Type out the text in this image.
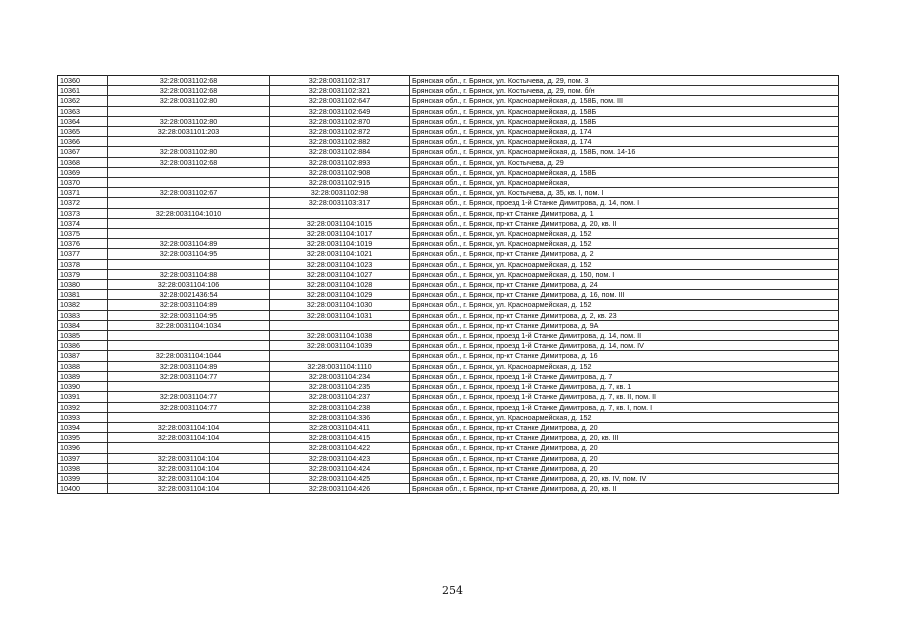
10360	32:28:0031102:68	32:28:0031102:317	Брянская обл., г. Брянск, ул. Костычева, д. 29, пом. 3
10361	32:28:0031102:68	32:28:0031102:321	Брянская обл., г. Брянск, ул. Костычева, д. 29, пом. б/н
10362	32:28:0031102:80	32:28:0031102:647	Брянская обл., г. Брянск, ул. Красноармейская, д. 158Б, пом. III
10363		32:28:0031102:649	Брянская обл., г. Брянск, ул. Красноармейская, д. 158Б
10364	32:28:0031102:80	32:28:0031102:870	Брянская обл., г. Брянск, ул. Красноармейская, д. 158Б
10365	32:28:0031101:203	32:28:0031102:872	Брянская обл., г. Брянск, ул. Красноармейская, д. 174
10366		32:28:0031102:882	Брянская обл., г. Брянск, ул. Красноармейская, д. 174
10367	32:28:0031102:80	32:28:0031102:884	Брянская обл., г. Брянск, ул. Красноармейская, д. 158Б, пом. 14-16
10368	32:28:0031102:68	32:28:0031102:893	Брянская обл., г. Брянск, ул. Костычева, д. 29
10369		32:28:0031102:908	Брянская обл., г. Брянск, ул. Красноармейская, д. 158Б
10370		32:28:0031102:915	Брянская обл., г. Брянск, ул. Красноармейская,
10371	32:28:0031102:67	32:28:0031102:98	Брянская обл., г. Брянск, ул. Костычева, д. 35, кв. I, пом. I
10372		32:28:0031103:317	Брянская обл., г. Брянск, проезд 1-й Станке Димитрова, д. 14, пом. I
10373	32:28:0031104:1010		Брянская обл., г. Брянск, пр-кт Станке Димитрова, д. 1
10374		32:28:0031104:1015	Брянская обл., г. Брянск, пр-кт Станке Димитрова, д. 20, кв. II
10375		32:28:0031104:1017	Брянская обл., г. Брянск, ул. Красноармейская, д. 152
10376	32:28:0031104:89	32:28:0031104:1019	Брянская обл., г. Брянск, ул. Красноармейская, д. 152
10377	32:28:0031104:95	32:28:0031104:1021	Брянская обл., г. Брянск, пр-кт Станке Димитрова, д. 2
10378		32:28:0031104:1023	Брянская обл., г. Брянск, ул. Красноармейская, д. 152
10379	32:28:0031104:88	32:28:0031104:1027	Брянская обл., г. Брянск, ул. Красноармейская, д. 150, пом. I
10380	32:28:0031104:106	32:28:0031104:1028	Брянская обл., г. Брянск, пр-кт Станке Димитрова, д. 24
10381	32:28:0021436:54	32:28:0031104:1029	Брянская обл., г. Брянск, пр-кт Станке Димитрова, д. 16, пом. III
10382	32:28:0031104:89	32:28:0031104:1030	Брянская обл., г. Брянск, ул. Красноармейская, д. 152
10383	32:28:0031104:95	32:28:0031104:1031	Брянская обл., г. Брянск, пр-кт Станке Димитрова, д. 2, кв. 23
10384	32:28:0031104:1034		Брянская обл., г. Брянск, пр-кт Станке Димитрова, д. 9А
10385		32:28:0031104:1038	Брянская обл., г. Брянск, проезд 1-й Станке Димитрова, д. 14, пом. II
10386		32:28:0031104:1039	Брянская обл., г. Брянск, проезд 1-й Станке Димитрова, д. 14, пом. IV
10387	32:28:0031104:1044		Брянская обл., г. Брянск, пр-кт Станке Димитрова, д. 16
10388	32:28:0031104:89	32:28:0031104:1110	Брянская обл., г. Брянск, ул. Красноармейская, д. 152
10389	32:28:0031104:77	32:28:0031104:234	Брянская обл., г. Брянск, проезд 1-й Станке Димитрова, д. 7
10390		32:28:0031104:235	Брянская обл., г. Брянск, проезд 1-й Станке Димитрова, д. 7, кв. 1
10391	32:28:0031104:77	32:28:0031104:237	Брянская обл., г. Брянск, проезд 1-й Станке Димитрова, д. 7, кв. II, пом. II
10392	32:28:0031104:77	32:28:0031104:238	Брянская обл., г. Брянск, проезд 1-й Станке Димитрова, д. 7, кв. I, пом. I
10393		32:28:0031104:336	Брянская обл., г. Брянск, ул. Красноармейская, д. 152
10394	32:28:0031104:104	32:28:0031104:411	Брянская обл., г. Брянск, пр-кт Станке Димитрова, д. 20
10395	32:28:0031104:104	32:28:0031104:415	Брянская обл., г. Брянск, пр-кт Станке Димитрова, д. 20, кв. III
10396		32:28:0031104:422	Брянская обл., г. Брянск, пр-кт Станке Димитрова, д. 20
10397	32:28:0031104:104	32:28:0031104:423	Брянская обл., г. Брянск, пр-кт Станке Димитрова, д. 20
10398	32:28:0031104:104	32:28:0031104:424	Брянская обл., г. Брянск, пр-кт Станке Димитрова, д. 20
10399	32:28:0031104:104	32:28:0031104:425	Брянская обл., г. Брянск, пр-кт Станке Димитрова, д. 20, кв. IV, пом. IV
10400	32:28:0031104:104	32:28:0031104:426	Брянская обл., г. Брянск, пр-кт Станке Димитрова, д. 20, кв. II
254
